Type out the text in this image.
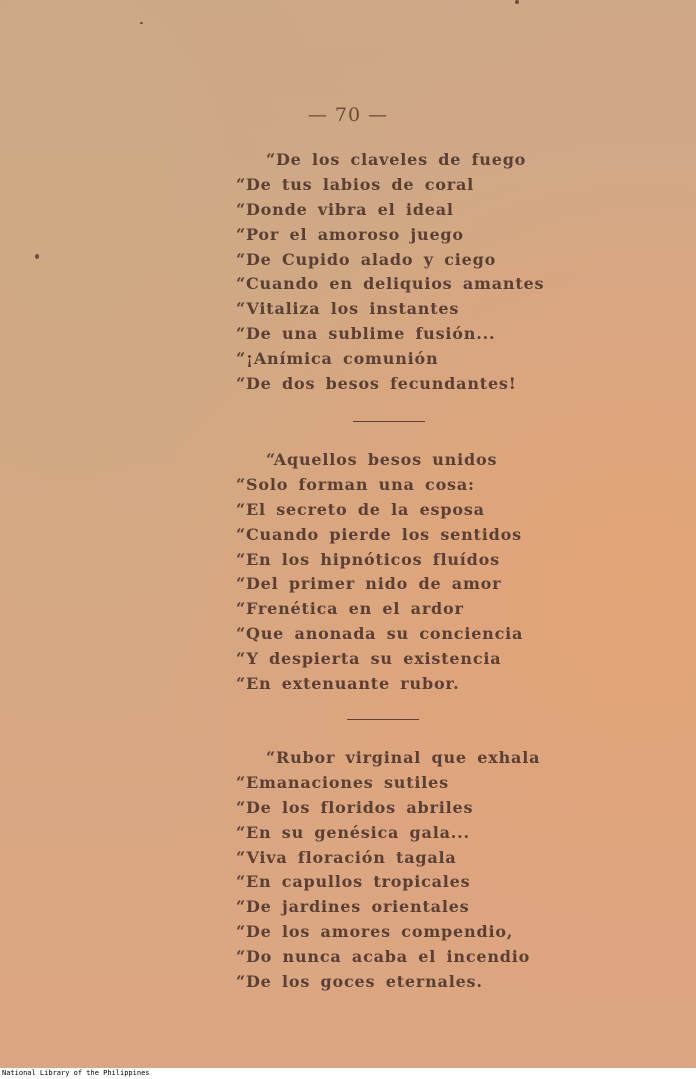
— 70 —
“De los claveles de fuego
“De tus labios de coral
“Donde vibra el ideal
“Por el amoroso juego
“De Cupido alado y ciego
“Cuando en deliquios amantes
“Vitaliza los instantes
“De una sublime fusión...
“¡Anímica comunión
“De dos besos fecundantes!
“Aquellos besos unidos
“Solo forman una cosa:
“El secreto de la esposa
“Cuando pierde los sentidos
“En los hipnóticos fluídos
“Del primer nido de amor
“Frenética en el ardor
“Que anonada su conciencia
“Y despierta su existencia
“En extenuante rubor.
“Rubor virginal que exhala
“Emanaciones sutiles
“De los floridos abriles
“En su genésica gala...
“Viva floración tagala
“En capullos tropicales
“De jardines orientales
“De los amores compendio,
“Do nunca acaba el incendio
“De los goces eternales.
National Library of the Philippines
